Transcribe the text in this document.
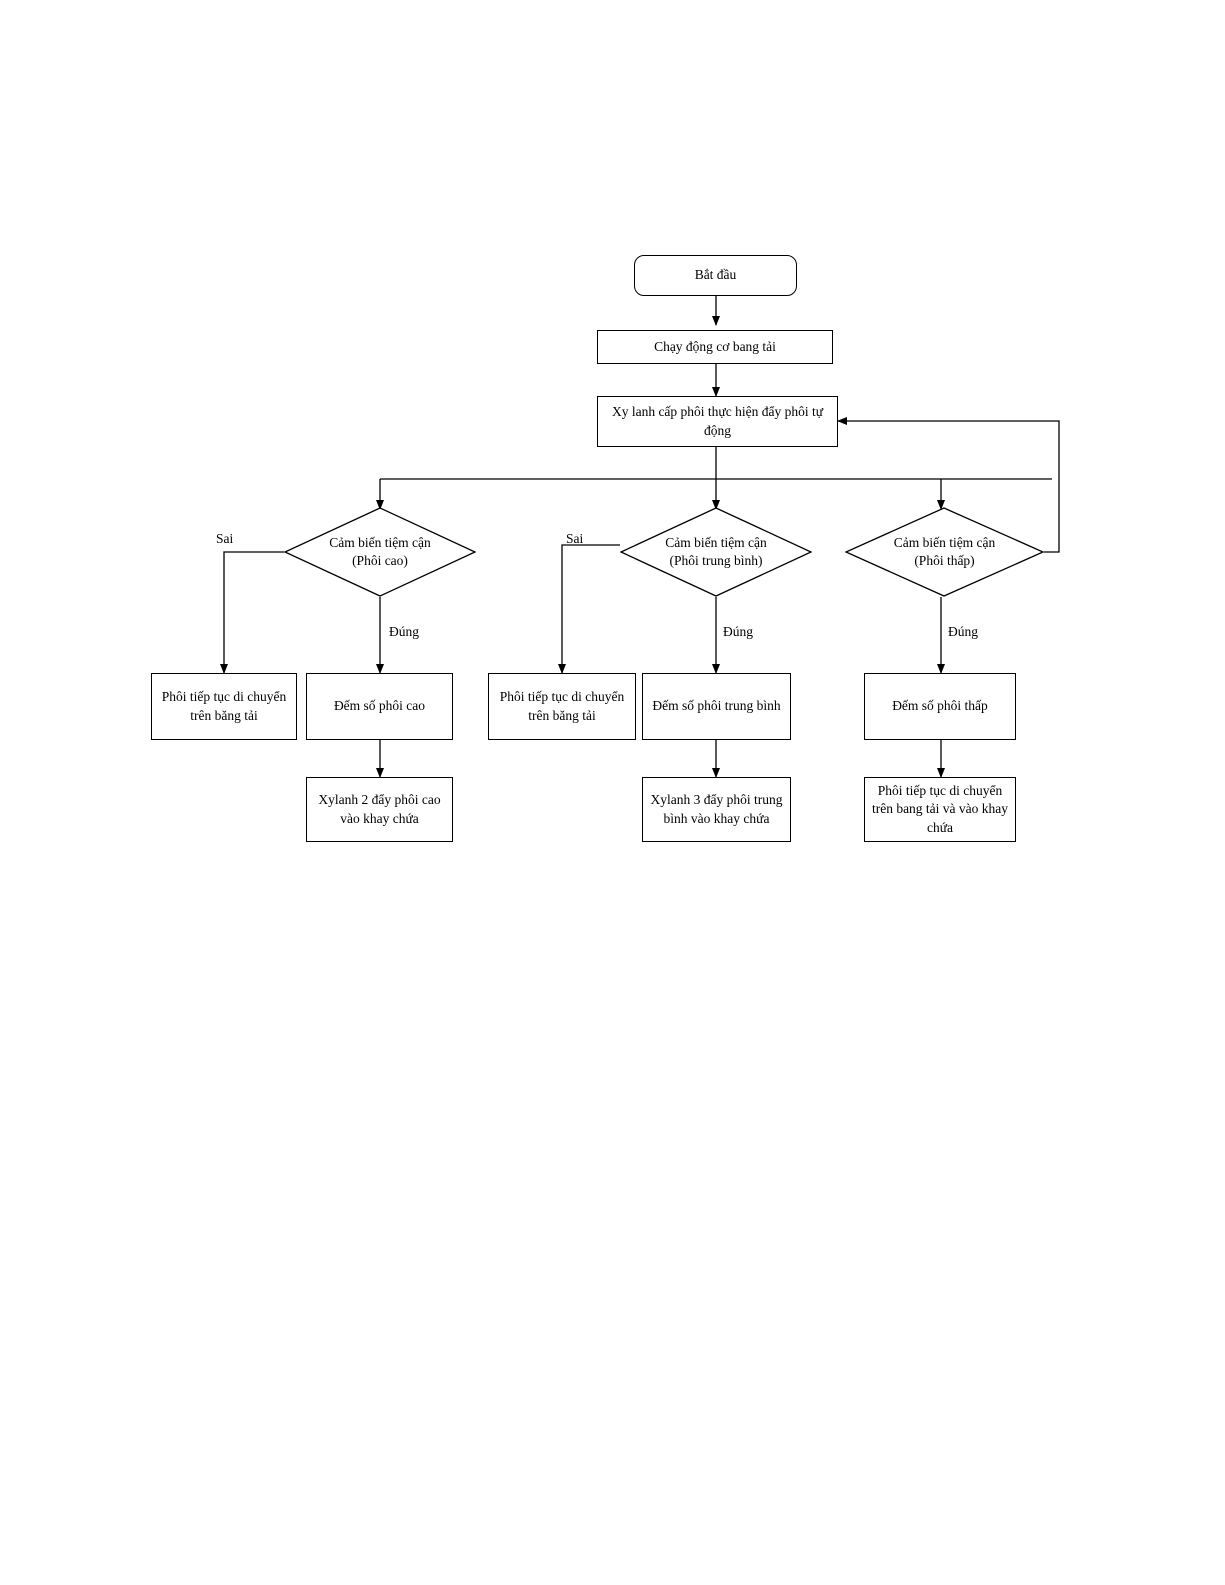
Bắt đầu
Chạy động cơ bang tải
Xy lanh cấp phôi thực hiện đẩy phôi tự động
Cảm biến tiệm cận (Phôi cao)
Cảm biến tiệm cận (Phôi trung bình)
Cảm biến tiệm cận (Phôi thấp)
Sai
Đúng
Sai
Đúng	Đúng
Phôi tiếp tục di chuyển trên băng tải
Đếm số phôi cao
Phôi tiếp tục di chuyển trên băng tải
Đếm số phôi trung bình	Đếm số phôi thấp
Xylanh 2 đẩy phôi cao vào khay chứa
Xylanh 3 đẩy phôi trung bình vào khay chứa
Phôi tiếp tục di chuyển trên bang tải và vào khay chứa
